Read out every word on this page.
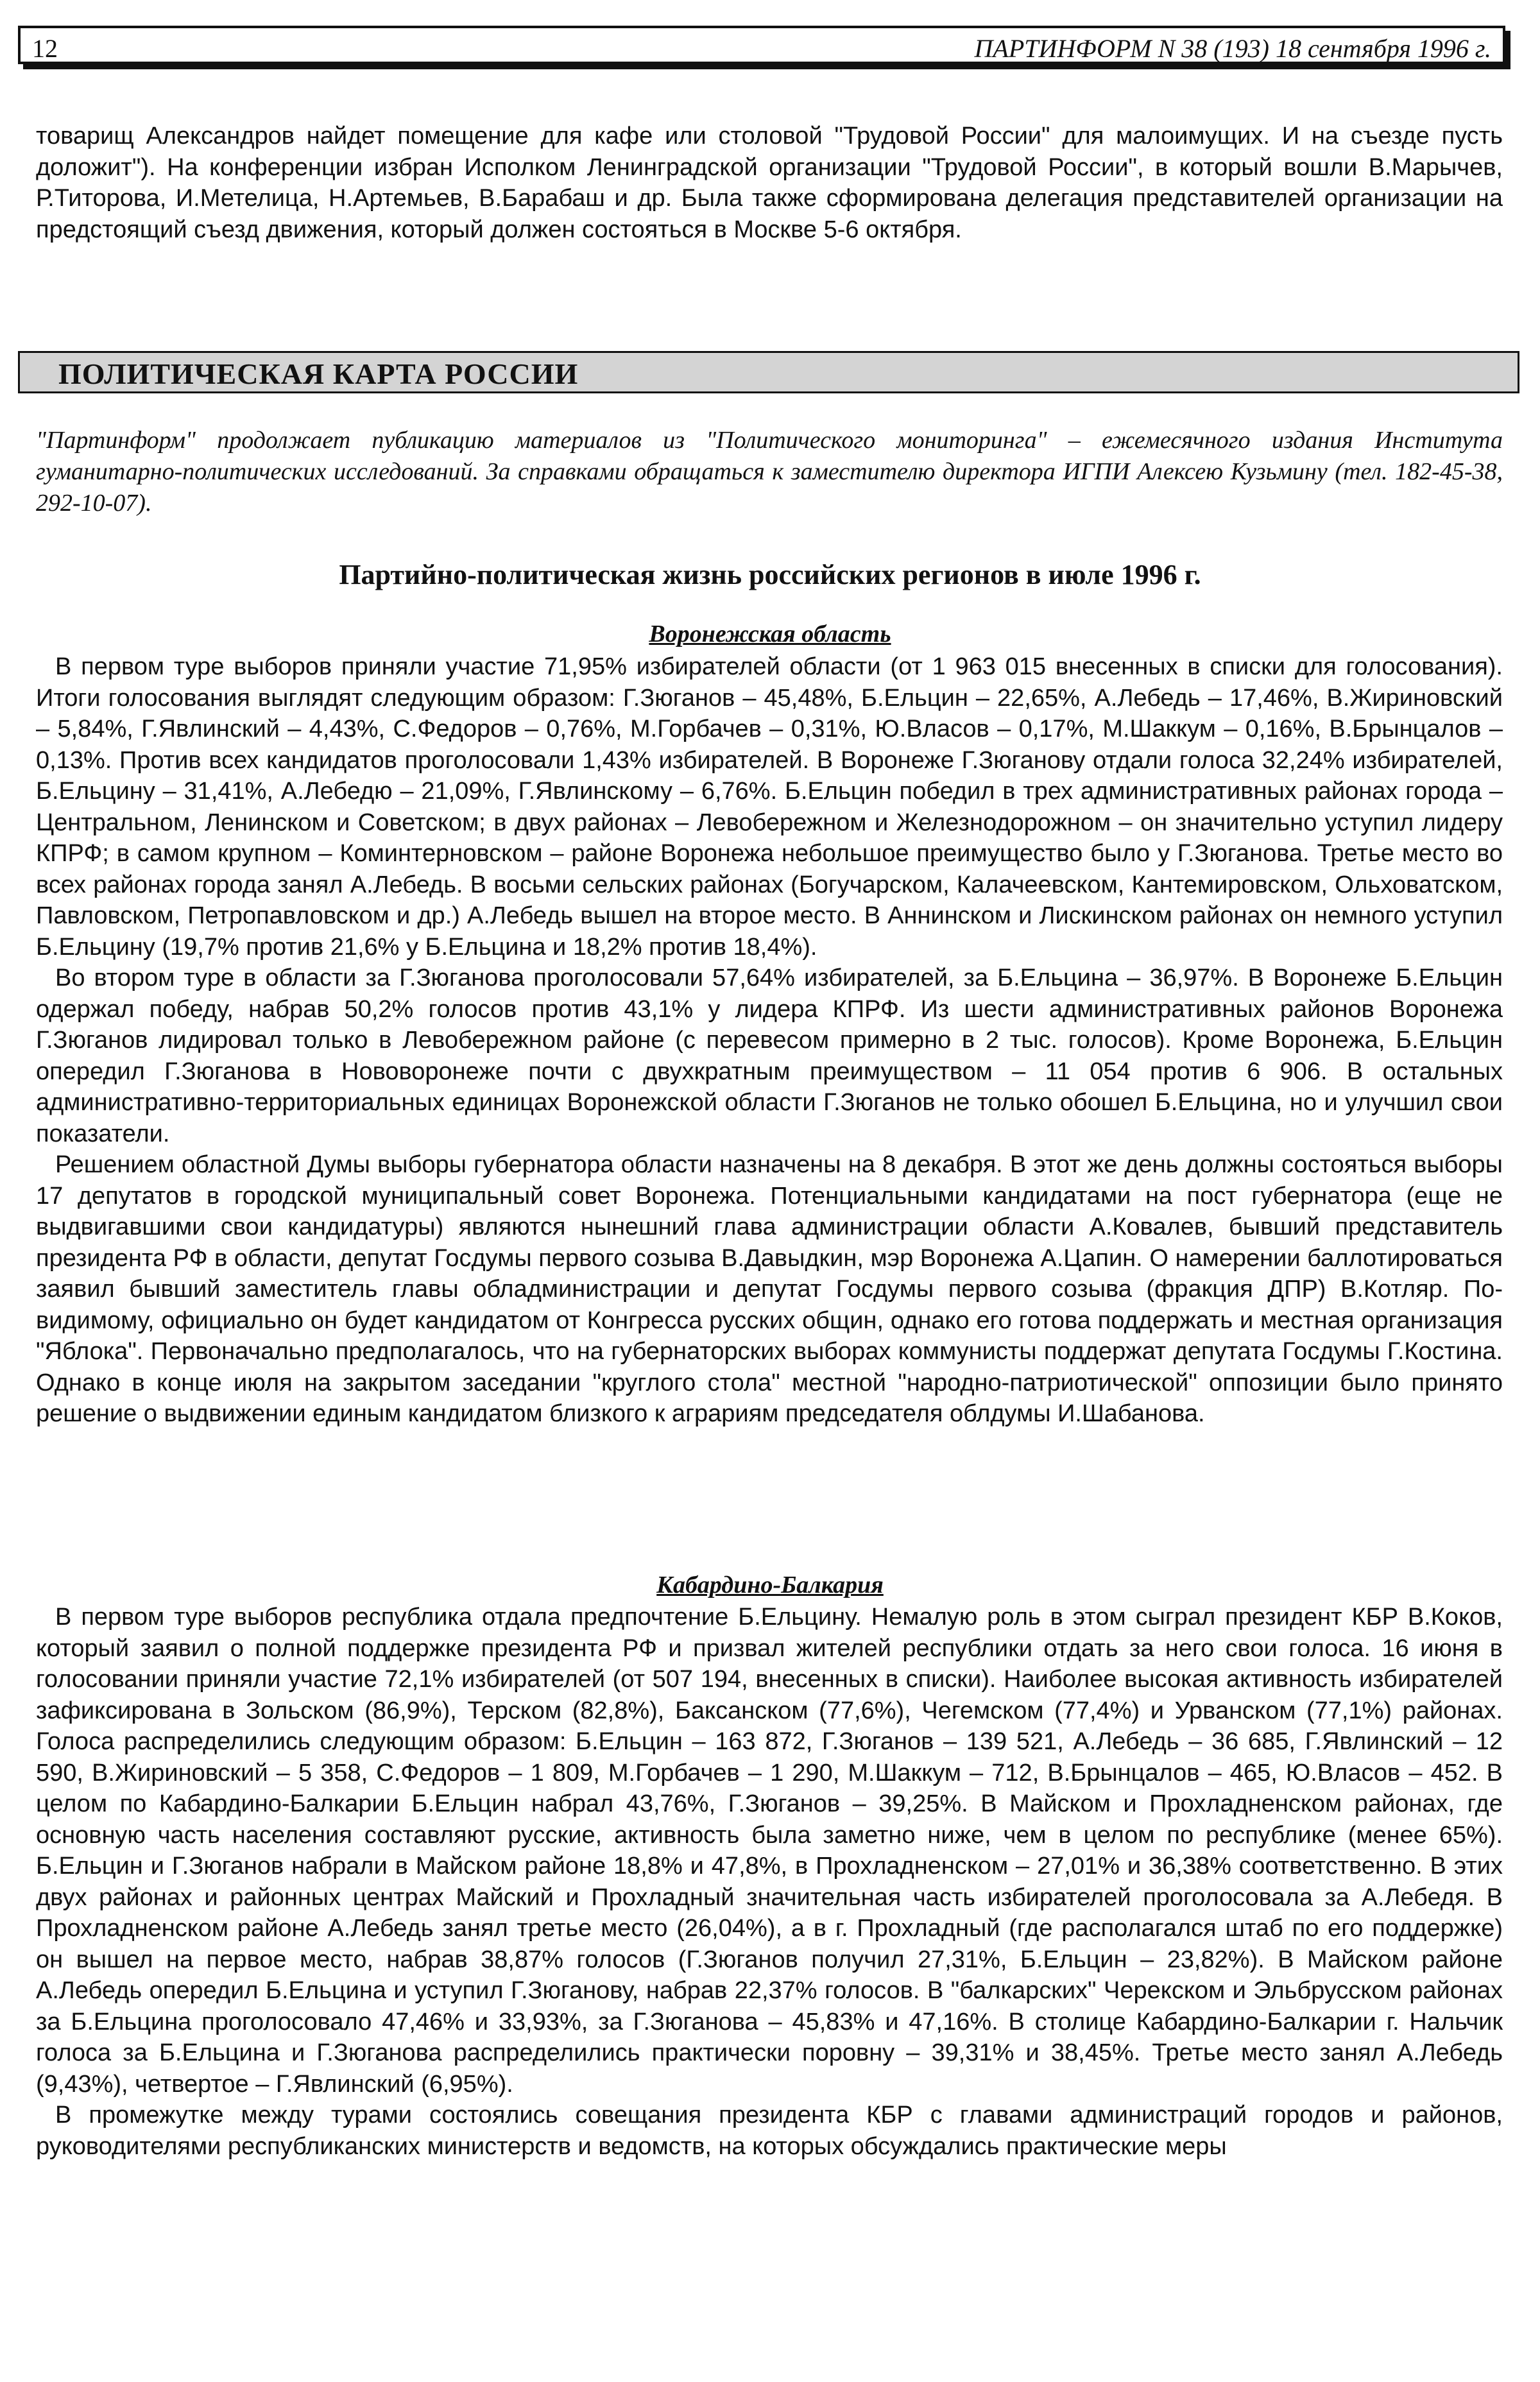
12	ПАРТИНФОРМ N 38 (193) 18 сентября 1996 г.

товарищ Александров найдет помещение для кафе или столовой "Трудовой России" для малоимущих. И на съезде пусть доложит"). На конференции избран Исполком Ленинградской организации "Трудовой России", в который вошли В.Марычев, Р.Титорова, И.Метелица, Н.Артемьев, В.Барабаш и др. Была также сформирована делегация представителей организации на предстоящий съезд движения, который должен состояться в Москве 5-6 октября.

ПОЛИТИЧЕСКАЯ КАРТА РОССИИ
"Партинформ" продолжает публикацию материалов из "Политического мониторинга" – ежемесячного издания Института гуманитарно-политических исследований. За справками обращаться к заместителю директора ИГПИ Алексею Кузьмину (тел. 182-45-38, 292-10-07).
Партийно-политическая жизнь российских регионов в июле 1996 г.
Воронежская область

В первом туре выборов приняли участие 71,95% избирателей области (от 1 963 015 внесенных в списки для голосования). Итоги голосования выглядят следующим образом: Г.Зюганов – 45,48%, Б.Ельцин – 22,65%, А.Лебедь – 17,46%, В.Жириновский – 5,84%, Г.Явлинский – 4,43%, С.Федоров – 0,76%, М.Горбачев – 0,31%, Ю.Власов – 0,17%, М.Шаккум – 0,16%, В.Брынцалов – 0,13%. Против всех кандидатов проголосовали 1,43% избирателей. В Воронеже Г.Зюганову отдали голоса 32,24% избирателей, Б.Ельцину – 31,41%, А.Лебедю – 21,09%, Г.Явлинскому – 6,76%. Б.Ельцин победил в трех административных районах города – Центральном, Ленинском и Советском; в двух районах – Левобережном и Железнодорожном – он значительно уступил лидеру КПРФ; в самом крупном – Коминтерновском – районе Воронежа небольшое преимущество было у Г.Зюганова. Третье место во всех районах города занял А.Лебедь. В восьми сельских районах (Богучарском, Калачеевском, Кантемировском, Ольховатском, Павловском, Петропавловском и др.) А.Лебедь вышел на второе место. В Аннинском и Лискинском районах он немного уступил Б.Ельцину (19,7% против 21,6% у Б.Ельцина и 18,2% против 18,4%).

Во втором туре в области за Г.Зюганова проголосовали 57,64% избирателей, за Б.Ельцина – 36,97%. В Воронеже Б.Ельцин одержал победу, набрав 50,2% голосов против 43,1% у лидера КПРФ. Из шести административных районов Воронежа Г.Зюганов лидировал только в Левобережном районе (с перевесом примерно в 2 тыс. голосов). Кроме Воронежа, Б.Ельцин опередил Г.Зюганова в Нововоронеже почти с двухкратным преимуществом – 11 054 против 6 906. В остальных административно-территориальных единицах Воронежской области Г.Зюганов не только обошел Б.Ельцина, но и улучшил свои показатели.

Решением областной Думы выборы губернатора области назначены на 8 декабря. В этот же день должны состояться выборы 17 депутатов в городской муниципальный совет Воронежа. Потенциальными кандидатами на пост губернатора (еще не выдвигавшими свои кандидатуры) являются нынешний глава администрации области А.Ковалев, бывший представитель президента РФ в области, депутат Госдумы первого созыва В.Давыдкин, мэр Воронежа А.Цапин. О намерении баллотироваться заявил бывший заместитель главы обладминистрации и депутат Госдумы первого созыва (фракция ДПР) В.Котляр. По-видимому, официально он будет кандидатом от Конгресса русских общин, однако его готова поддержать и местная организация "Яблока". Первоначально предполагалось, что на губернаторских выборах коммунисты поддержат депутата Госдумы Г.Костина. Однако в конце июля на закрытом заседании "круглого стола" местной "народно-патриотической" оппозиции было принято решение о выдвижении единым кандидатом близкого к аграриям председателя облдумы И.Шабанова.

Кабардино-Балкария

В первом туре выборов республика отдала предпочтение Б.Ельцину. Немалую роль в этом сыграл президент КБР В.Коков, который заявил о полной поддержке президента РФ и призвал жителей республики отдать за него свои голоса. 16 июня в голосовании приняли участие 72,1% избирателей (от 507 194, внесенных в списки). Наиболее высокая активность избирателей зафиксирована в Зольском (86,9%), Терском (82,8%), Баксанском (77,6%), Чегемском (77,4%) и Урванском (77,1%) районах. Голоса распределились следующим образом: Б.Ельцин – 163 872, Г.Зюганов – 139 521, А.Лебедь – 36 685, Г.Явлинский – 12 590, В.Жириновский – 5 358, С.Федоров – 1 809, М.Горбачев – 1 290, М.Шаккум – 712, В.Брынцалов – 465, Ю.Власов – 452. В целом по Кабардино-Балкарии Б.Ельцин набрал 43,76%, Г.Зюганов – 39,25%. В Майском и Прохладненском районах, где основную часть населения составляют русские, активность была заметно ниже, чем в целом по республике (менее 65%). Б.Ельцин и Г.Зюганов набрали в Майском районе 18,8% и 47,8%, в Прохладненском – 27,01% и 36,38% соответственно. В этих двух районах и районных центрах Майский и Прохладный значительная часть избирателей проголосовала за А.Лебедя. В Прохладненском районе А.Лебедь занял третье место (26,04%), а в г. Прохладный (где располагался штаб по его поддержке) он вышел на первое место, набрав 38,87% голосов (Г.Зюганов получил 27,31%, Б.Ельцин – 23,82%). В Майском районе А.Лебедь опередил Б.Ельцина и уступил Г.Зюганову, набрав 22,37% голосов. В "балкарских" Черекском и Эльбрусском районах за Б.Ельцина проголосовало 47,46% и 33,93%, за Г.Зюганова – 45,83% и 47,16%. В столице Кабардино-Балкарии г. Нальчик голоса за Б.Ельцина и Г.Зюганова распределились практически поровну – 39,31% и 38,45%. Третье место занял А.Лебедь (9,43%), четвертое – Г.Явлинский (6,95%).

В промежутке между турами состоялись совещания президента КБР с главами администраций городов и районов, руководителями республиканских министерств и ведомств, на которых обсуждались практические меры
